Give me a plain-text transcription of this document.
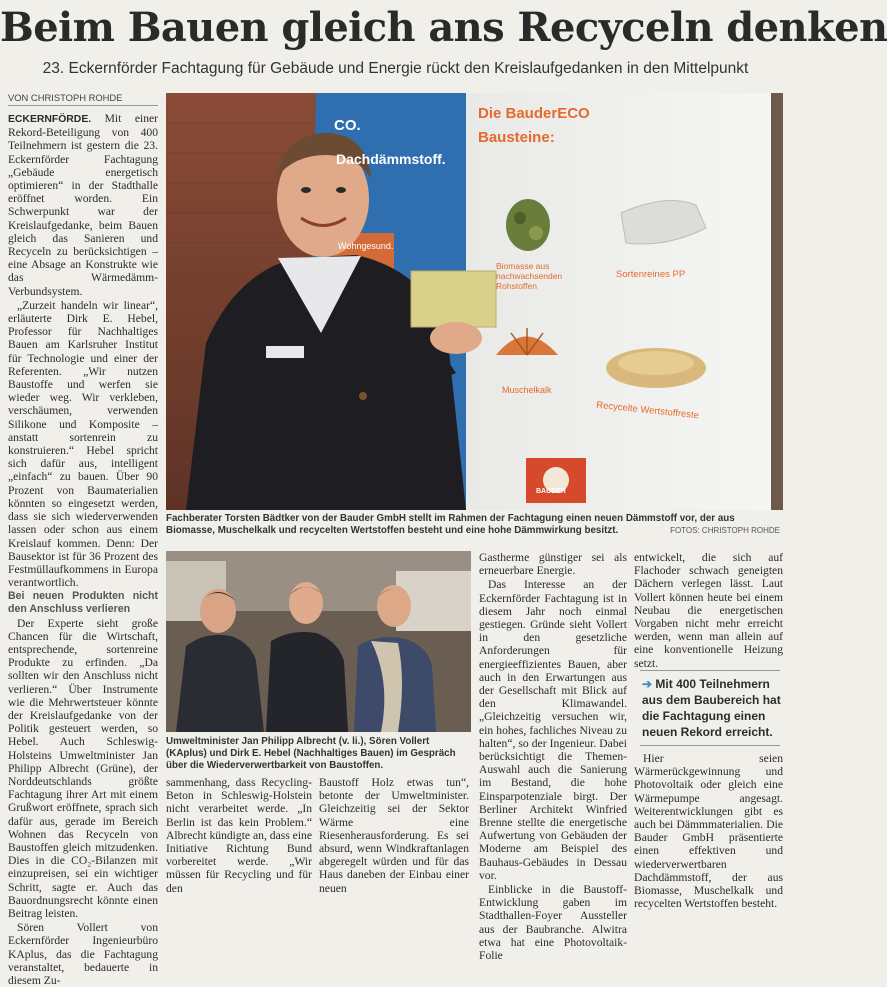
Beim Bauen gleich ans Recyceln denken
23. Eckernförder Fachtagung für Gebäude und Energie rückt den Kreislaufgedanken in den Mittelpunkt
VON CHRISTOPH ROHDE

ECKERNFÖRDE. Mit einer Rekord-Beteiligung von 400 Teilnehmern ist gestern die 23. Eckernförder Fachtagung „Gebäude energetisch optimieren“ in der Stadthalle eröffnet worden. Ein Schwerpunkt war der Kreislaufgedanke, beim Bauen gleich das Sanieren und Recyceln zu berücksichtigen – eine Absage an Konstrukte wie das Wärmedämm-Verbundsystem.

„Zurzeit handeln wir linear“, erläuterte Dirk E. Hebel, Professor für Nachhaltiges Bauen am Karlsruher Institut für Technologie und einer der Referenten. „Wir nutzen Baustoffe und werfen sie wieder weg. Wir verkleben, verschäumen, verwenden Silikone und Komposite – anstatt sortenrein zu konstruieren.“ Hebel spricht sich dafür aus, intelligent „einfach“ zu bauen. Über 90 Prozent von Baumaterialien könnten so eingesetzt werden, dass sie sich wiederverwenden lassen oder schon aus einem Kreislauf kommen. Denn: Der Bausektor ist für 36 Prozent des Festmüllaufkommens in Europa verantwortlich.

Bei neuen Produkten nicht den Anschluss verlieren

Der Experte sieht große Chancen für die Wirtschaft, entsprechende, sortenreine Produkte zu erfinden. „Da sollten wir den Anschluss nicht verlieren.“ Über Instrumente wie die Mehrwertsteuer könnte der Kreislaufgedanke von der Politik gesteuert werden, so Hebel. Auch Schleswig-Holsteins Umweltminister Jan Philipp Albrecht (Grüne), der Norddeutschlands größte Fachtagung ihrer Art mit einem Grußwort eröffnete, sprach sich dafür aus, gerade im Bereich Wohnen das Recyceln von Baustoffen gleich mitzudenken. Dies in die CO₂-Bilanzen mit einzupreisen, sei ein wichtiger Schritt, sagte er. Auch das Bauordnungsrecht könnte einen Beitrag leisten.

Sören Vollert von Eckernförder Ingenieurbüro KAplus, das die Fachtagung veranstaltet, bedauerte in diesem Zu-

CO.
Dachdämmstoff.
Wohngesund.
Die BauderECO
Bausteine:
Biomasse aus nachwachsenden Rohstoffen
Sortenreines PP
Muschelkalk
Recycelte Wertstoffreste
BAUDER
Fachberater Torsten Bädtker von der Bauder GmbH stellt im Rahmen der Fachtagung einen neuen Dämmstoff vor, der aus Biomasse, Muschelkalk und recycelten Wertstoffen besteht und eine hohe Dämmwirkung besitzt.	FOTOS: CHRISTOPH ROHDE
Umweltminister Jan Philipp Albrecht (v. li.), Sören Vollert (KAplus) und Dirk E. Hebel (Nachhaltiges Bauen) im Gespräch über die Wiederverwertbarkeit von Baustoffen.

sammenhang, dass Recycling-Beton in Schleswig-Holstein nicht verarbeitet werde. „In Berlin ist das kein Problem.“ Albrecht kündigte an, dass eine Initiative Richtung Bund vorbereitet werde. „Wir müssen für Recycling und für den

Baustoff Holz etwas tun“, betonte der Umweltminister. Gleichzeitig sei der Sektor Wärme eine Riesenherausforderung. Es sei absurd, wenn Windkraftanlagen abgeregelt würden und für das Haus daneben der Einbau einer neuen

Gastherme günstiger sei als erneuerbare Energie.

Das Interesse an der Eckernförder Fachtagung ist in diesem Jahr noch einmal gestiegen. Gründe sieht Vollert in den gesetzliche Anforderungen für energieeffizientes Bauen, aber auch in den Erwartungen aus der Gesellschaft mit Blick auf den Klimawandel. „Gleichzeitig versuchen wir, ein hohes, fachliches Niveau zu halten“, so der Ingenieur. Dabei berücksichtigt die Themen-Auswahl auch die Sanierung im Bestand, die hohe Einsparpotenziale birgt. Der Berliner Architekt Winfried Brenne stellte die energetische Aufwertung von Gebäuden der Moderne am Beispiel des Bauhaus-Gebäudes in Dessau vor.

Einblicke in die Baustoff-Entwicklung gaben im Stadthallen-Foyer Aussteller aus der Baubranche. Alwitra etwa hat eine Photovoltaik-Folie

entwickelt, die sich auf Flachoder schwach geneigten Dächern verlegen lässt. Laut Vollert können heute bei einem Neubau die energetischen Vorgaben nicht mehr erreicht werden, wenn man allein auf eine konventionelle Heizung setzt.

➔ Mit 400 Teilnehmern aus dem Baubereich hat die Fachtagung einen neuen Rekord erreicht.

Hier seien Wärmerückgewinnung und Photovoltaik oder gleich eine Wärmepumpe angesagt. Weiterentwicklungen gibt es auch bei Dämmmaterialien. Die Bauder GmbH präsentierte einen effektiven und wiederverwertbaren Dachdämmstoff, der aus Biomasse, Muschelkalk und recycelten Wertstoffen besteht.
